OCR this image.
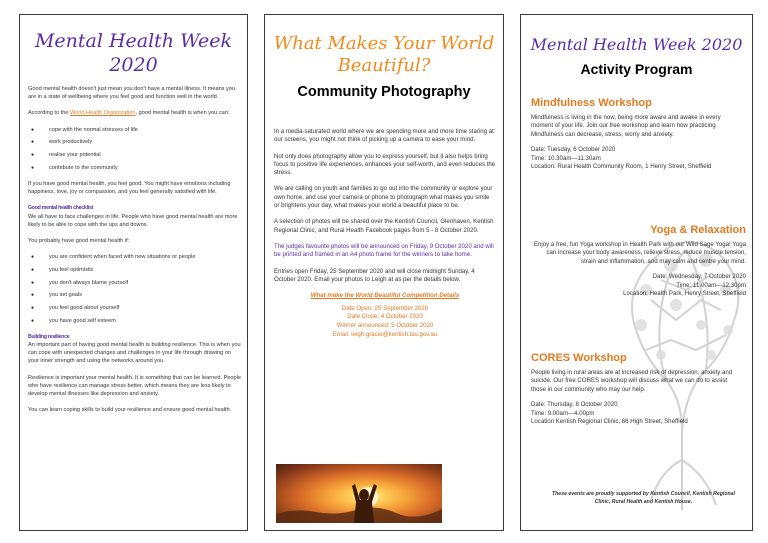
Mental Health Week
2020

Good mental health doesn't just mean you don't have a mental illness. It means you are in a state of wellbeing where you feel good and function well in the world.

According to the World Health Organization, good mental health is when you can:

● cope with the normal stresses of life
● work productively
● realise your potential
● contribute to the community

If you have good mental health, you feel good. You might have emotions including happiness, love, joy or compassion, and you feel generally satisfied with life.

Good mental health checklist

We all have to face challenges in life. People who have good mental health are more likely to be able to cope with the ups and downs.

You probably have good mental health if:

● you are confident when faced with new situations or people
● you feel optimistic
● you don't always blame yourself
● you set goals
● you feel good about yourself
● you have good self esteem
Building resilience

An important part of having good mental health is building resilience. This is when you can cope with unexpected changes and challenges in your life through drawing on your inner strength and using the networks around you.

Resilience is important your mental health. It is something that can be learned. People who have resilience can manage stress better, which means they are less likely to develop mental illnesses like depression and anxiety.

You can learn coping skills to build your resilience and ensure good mental health.

What Makes Your World
Beautiful?
Community Photography

In a media-saturated world where we are spending more and more time staring at our screens, you might not think of picking up a camera to ease your mind.

Not only does photography allow you to express yourself, but it also helps bring focus to positive life experiences, enhances your self-worth, and even reduces the stress.

We are calling on youth and families to go out into the community or explore your own home, and use your camera or phone to photograph what makes you smile or brightens your day, what makes your world a beautiful place to be.

A selection of photos will be shared over the Kentish Council, Glenhaven, Kentish Regional Clinic, and Rural Health Facebook pages from 5 - 8 October 2020.

The judges favourite photos will be announced on Friday, 9 October 2020 and will be printed and framed in an A4 photo frame for the winners to take home.

Entries open Friday, 25 September 2020 and will close midnight Sunday, 4 October 2020. Email your photos to Leigh at as per the details below.

What make the World Beautiful Competition Details
Date Open: 25 September 2020
Date Close: 4 October 2020
Winner announced: 5 October 2020
Email: leigh.gracie@kentish.tas.gov.au
Mental Health Week 2020
Activity Program
Mindfulness Workshop

Mindfulness is living in the now, being more aware and awake in every moment of your life. Join our free workshop and learn how practicing Mindfulness can decrease, stress, worry and anxiety.

Date: Tuesday, 6 October 2020
Time: 10.30am—11.30am
Location: Rural Health Community Room, 1 Henry Street, Sheffield
Yoga & Relaxation

Enjoy a free, fun Yoga workshop in Health Park with our Wild Sage Yoga! Yoga can increase your body awareness, relieve stress, reduce muscle tension, strain and inflammation, and may calm and centre your mind.

Date: Wednesday, 7 October 2020
Time: 11.00am—12.30pm
Location: Health Park, Henry Street, Sheffield
CORES Workshop

People living in rural areas are at increased risk of depression, anxiety and suicide. Our free CORES workshop will discuss what we can do to assist those in our community who may our help.

Date: Thursday, 8 October 2020
Time: 9.00am—4.00pm
Location Kentish Regional Clinic, 66 High Street, Sheffield
These events are proudly supported by Kentish Council, Kentish Regional Clinic, Rural Health and Kentish House.
